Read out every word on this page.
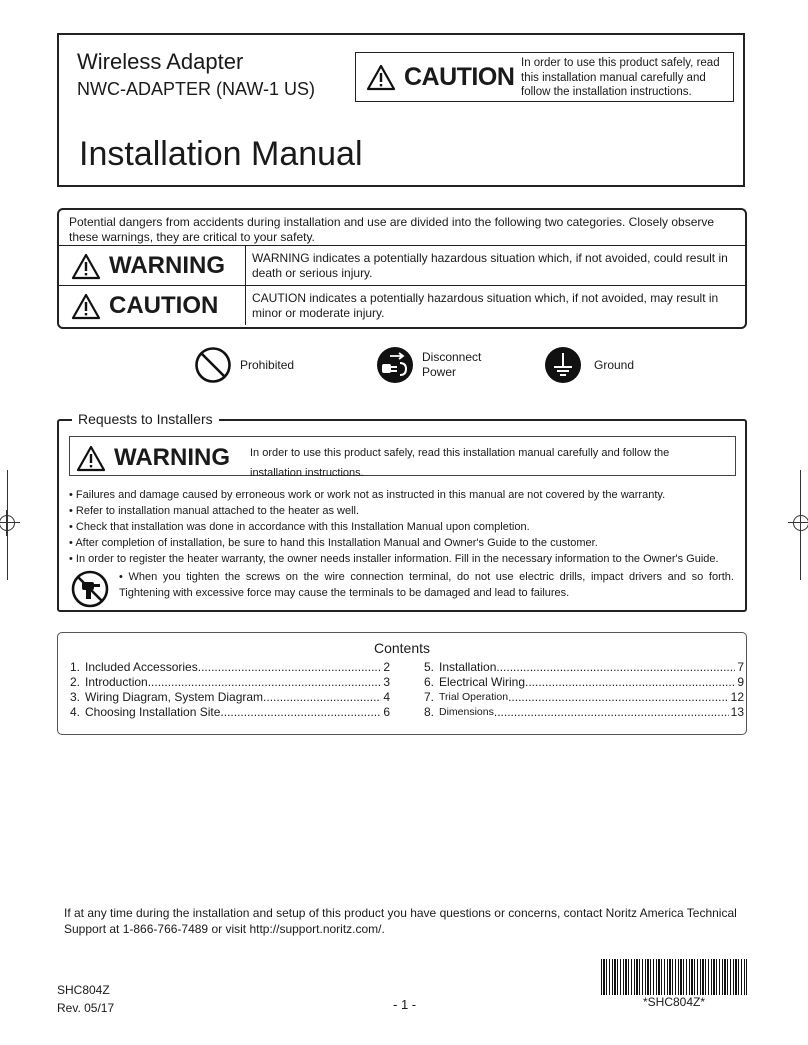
Wireless Adapter
NWC-ADAPTER (NAW-1 US)
Installation Manual
CAUTION In order to use this product safely, read this installation manual carefully and follow the installation instructions.
Potential dangers from accidents during installation and use are divided into the following two categories. Closely observe these warnings, they are critical to your safety.
WARNING	WARNING indicates a potentially hazardous situation which, if not avoided, could result in death or serious injury.
CAUTION	CAUTION indicates a potentially hazardous situation which, if not avoided, may result in minor or moderate injury.
Prohibited
Disconnect
Power	Ground
Requests to Installers
WARNING In order to use this product safely, read this installation manual carefully and follow the installation instructions.
• Failures and damage caused by erroneous work or work not as instructed in this manual are not covered by the warranty.
• Refer to installation manual attached to the heater as well.
• Check that installation was done in accordance with this Installation Manual upon completion.
• After completion of installation, be sure to hand this Installation Manual and Owner's Guide to the customer.
• In order to register the heater warranty, the owner needs installer information. Fill in the necessary information to the Owner's Guide.
• When you tighten the screws on the wire connection terminal, do not use electric drills, impact drivers and so forth. Tightening with excessive force may cause the terminals to be damaged and lead to failures.
Contents
1. Included Accessories .....	2
2. Introduction .....	3
3. Wiring Diagram, System Diagram .....	4
4. Choosing Installation Site .....	6
5. Installation .....	7
6. Electrical Wiring .....	9
7. Trial Operation .....	12
8. Dimensions .....	13
If at any time during the installation and setup of this product you have questions or concerns, contact Noritz America Technical Support at 1-866-766-7489 or visit http://support.noritz.com/.
SHC804Z
Rev. 05/17	- 1 -	*SHC804Z*
